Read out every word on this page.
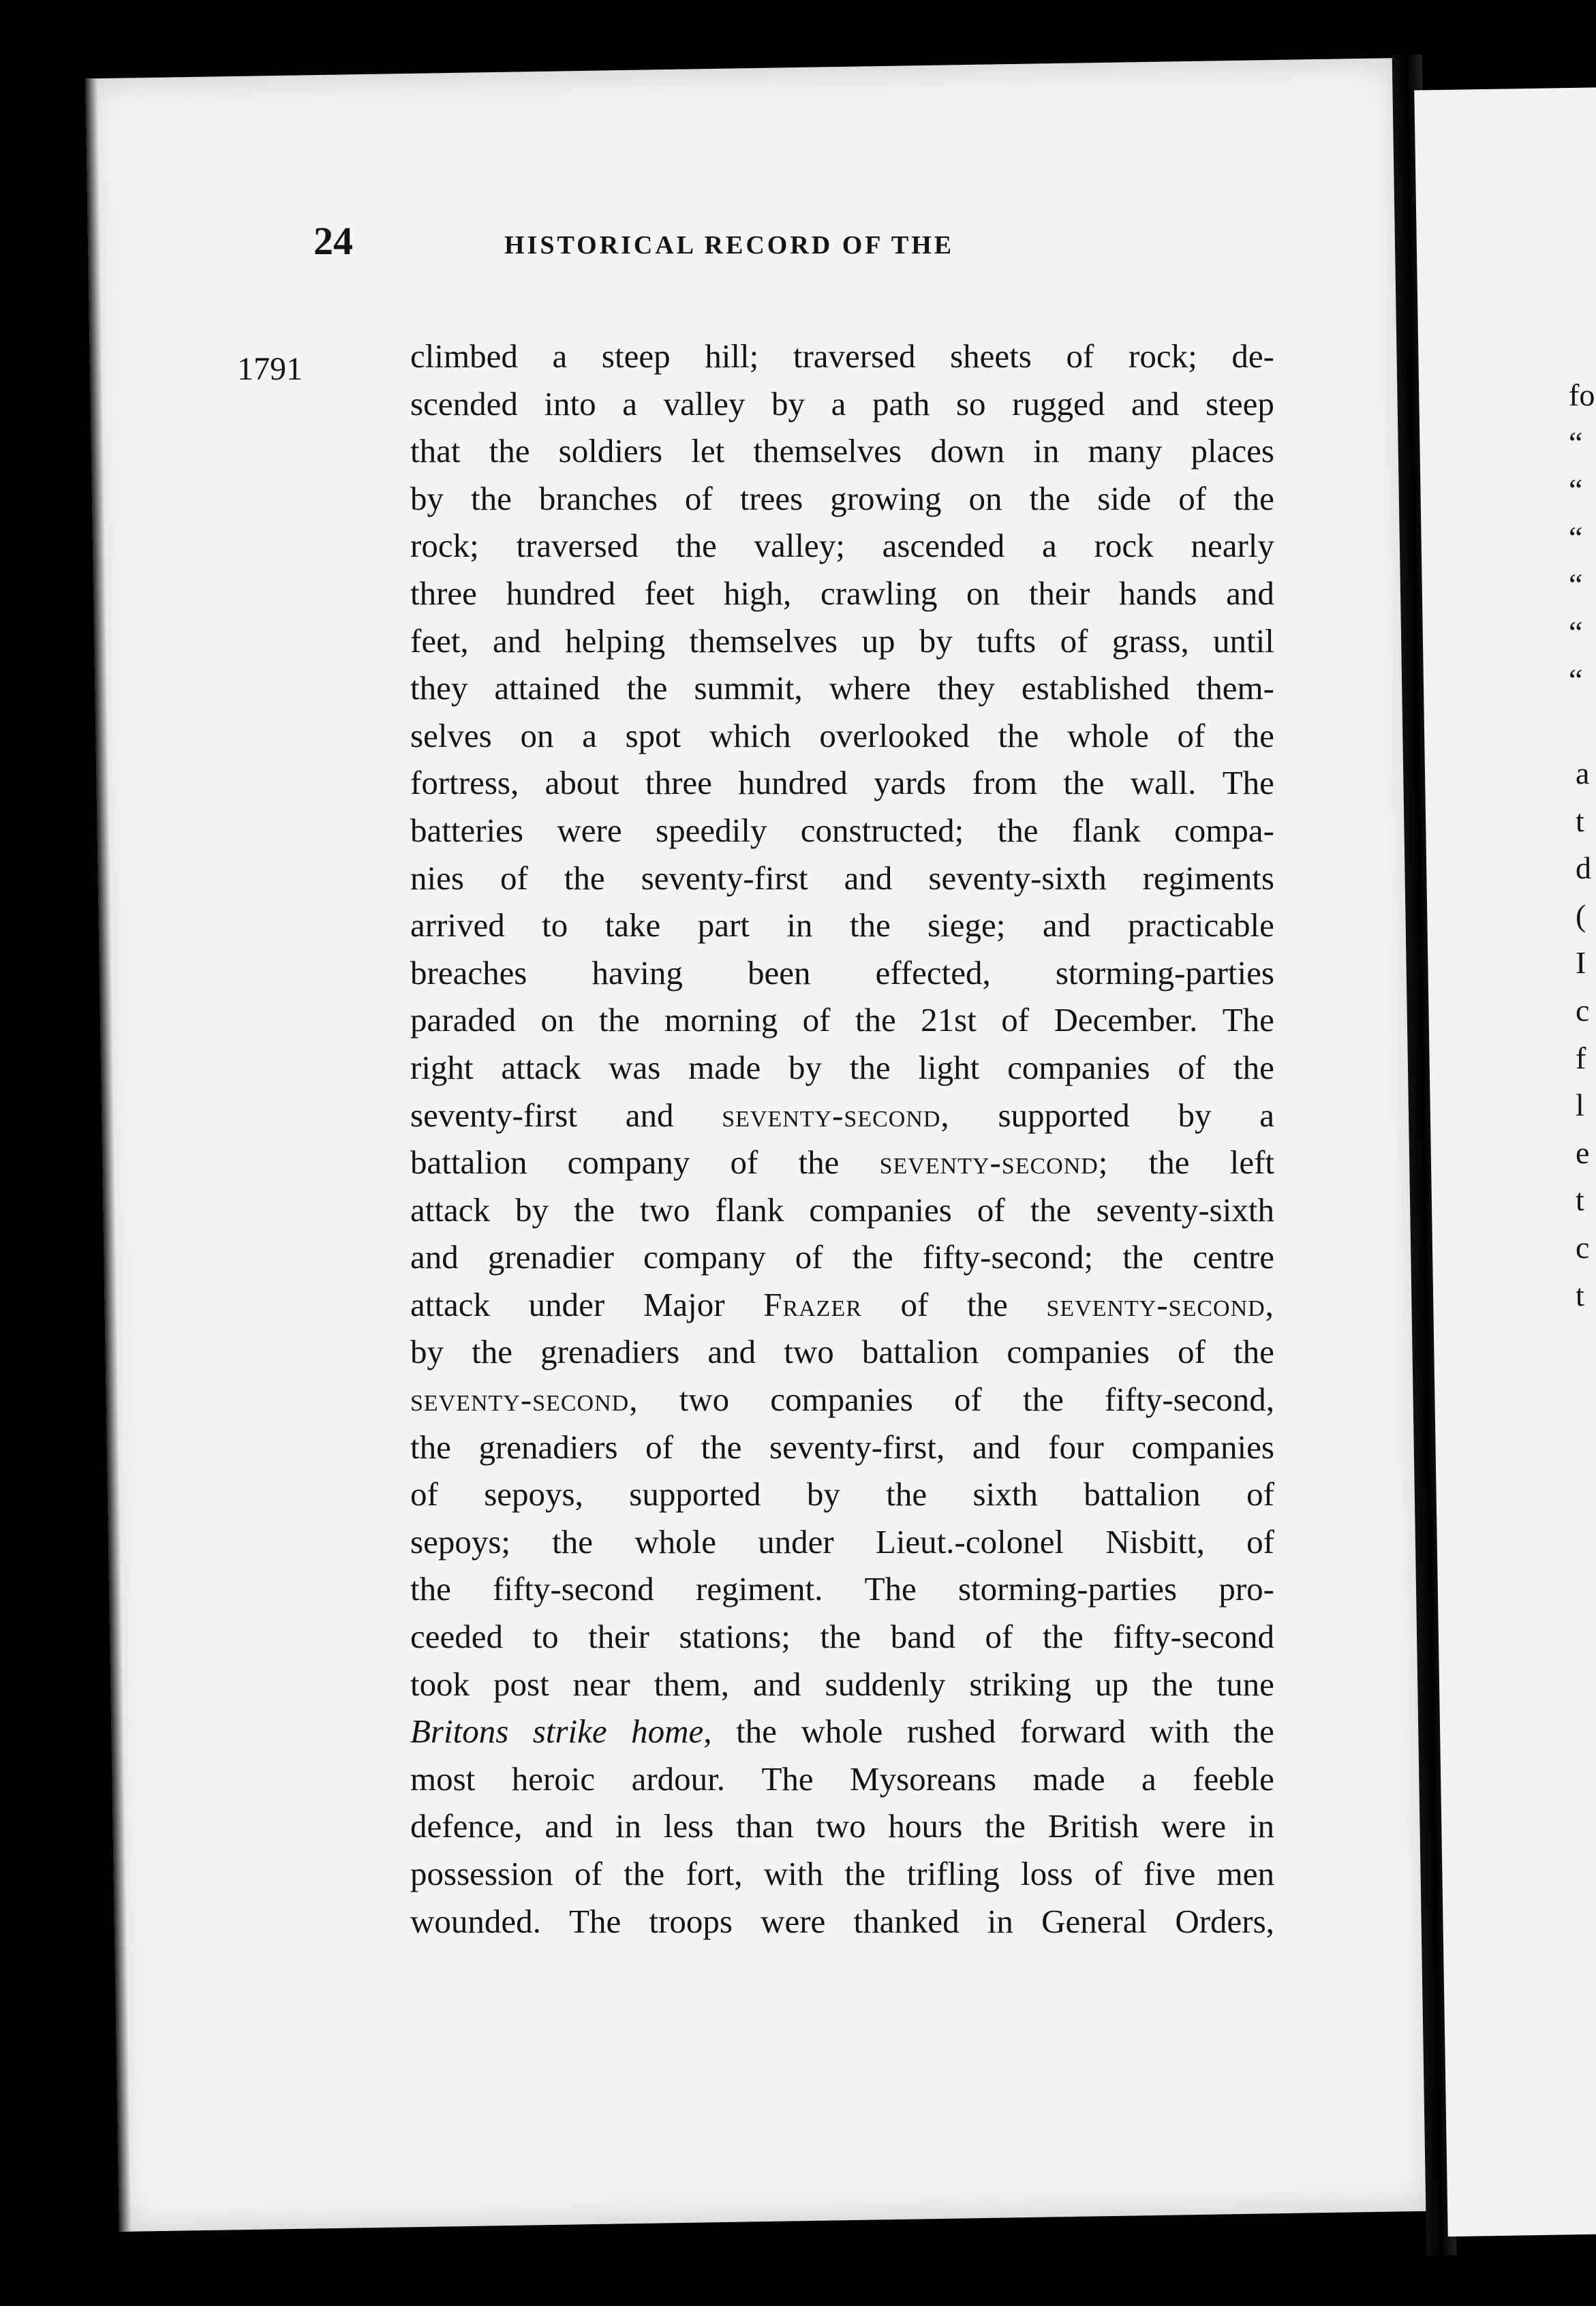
24	HISTORICAL RECORD OF THE
1791	climbed a steep hill; traversed sheets of rock; de-
scended into a valley by a path so rugged and steep
that the soldiers let themselves down in many places
by the branches of trees growing on the side of the
rock; traversed the valley; ascended a rock nearly
three hundred feet high, crawling on their hands and
feet, and helping themselves up by tufts of grass, until
they attained the summit, where they established them-
selves on a spot which overlooked the whole of the
fortress, about three hundred yards from the wall. The
batteries were speedily constructed; the flank compa-
nies of the seventy-first and seventy-sixth regiments
arrived to take part in the siege; and practicable
breaches having been effected, storming-parties
paraded on the morning of the 21st of December. The
right attack was made by the light companies of the
seventy-first and seventy-second, supported by a
battalion company of the seventy-second; the left
attack by the two flank companies of the seventy-sixth
and grenadier company of the fifty-second; the centre
attack under Major Frazer of the seventy-second,
by the grenadiers and two battalion companies of the
seventy-second, two companies of the fifty-second,
the grenadiers of the seventy-first, and four companies
of sepoys, supported by the sixth battalion of
sepoys; the whole under Lieut.-colonel Nisbitt, of
the fifty-second regiment. The storming-parties pro-
ceeded to their stations; the band of the fifty-second
took post near them, and suddenly striking up the tune
Britons strike home, the whole rushed forward with the
most heroic ardour. The Mysoreans made a feeble
defence, and in less than two hours the British were in
possession of the fort, with the trifling loss of five men
wounded. The troops were thanked in General Orders,
fo
“
“
“
“
“
“
a
t
d
(
I
c
f
l
e
t
c
t
